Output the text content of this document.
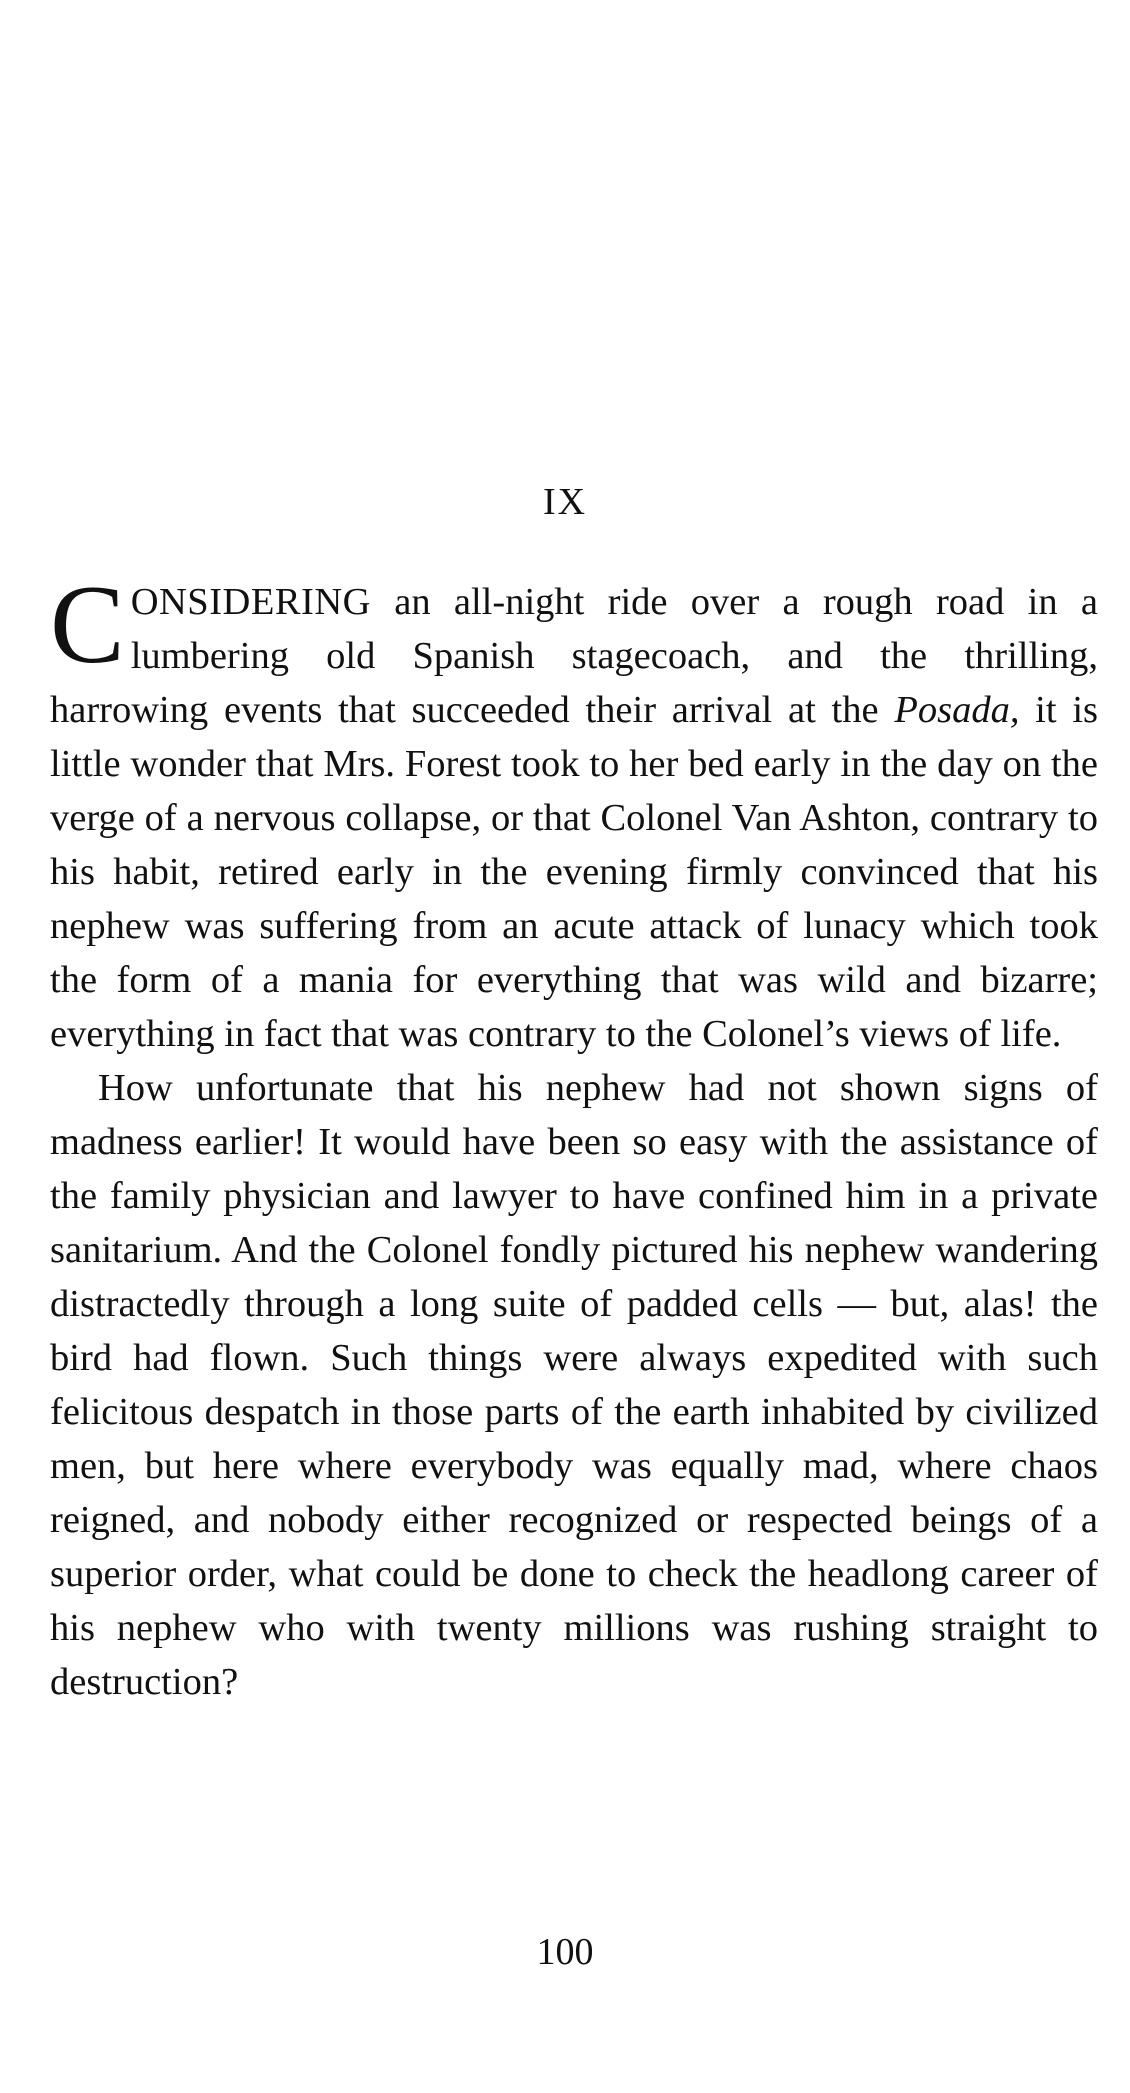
IX

CONSIDERING an all-night ride over a rough road in a lumbering old Spanish stagecoach, and the thrilling, harrowing events that succeeded their arrival at the Posada, it is little wonder that Mrs. Forest took to her bed early in the day on the verge of a nervous collapse, or that Colonel Van Ashton, contrary to his habit, retired early in the evening firmly convinced that his nephew was suffering from an acute attack of lunacy which took the form of a mania for everything that was wild and bizarre; everything in fact that was contrary to the Colonel’s views of life.

How unfortunate that his nephew had not shown signs of madness earlier! It would have been so easy with the assistance of the family physician and lawyer to have confined him in a private sanitarium. And the Colonel fondly pictured his nephew wandering distractedly through a long suite of padded cells — but, alas! the bird had flown. Such things were always expedited with such felicitous despatch in those parts of the earth inhabited by civilized men, but here where everybody was equally mad, where chaos reigned, and nobody either recognized or respected beings of a superior order, what could be done to check the headlong career of his nephew who with twenty millions was rushing straight to destruction?

100
